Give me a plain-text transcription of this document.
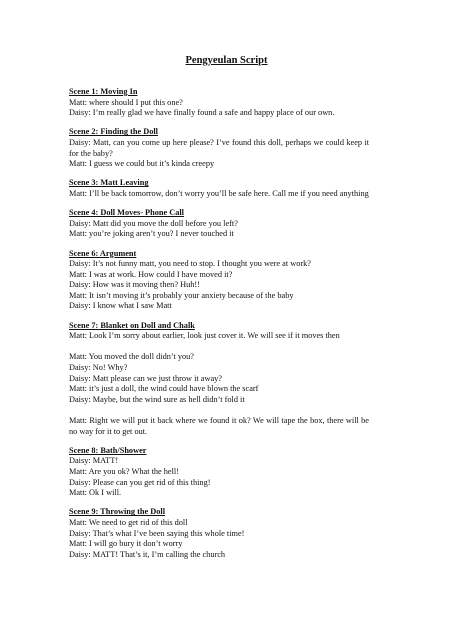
Pengyeulan Script
Scene 1: Moving In
Matt: where should I put this one?
Daisy: I’m really glad we have finally found a safe and happy place of our own.
Scene 2: Finding the Doll
Daisy: Matt, can you come up here please? I’ve found this doll, perhaps we could keep it for the baby?
Matt: I guess we could but it’s kinda creepy
Scene 3: Matt Leaving
Matt: I’ll be back tomorrow, don’t worry you’ll be safe here. Call me if you need anything
Scene 4: Doll Moves- Phone Call
Daisy: Matt did you move the doll before you left?
Matt: you’re joking aren’t you? I never touched it
Scene 6: Argument
Daisy: It’s not funny matt, you need to stop. I thought you were at work?
Matt: I was at work. How could I have moved it?
Daisy: How was it moving then? Huh!!
Matt: It isn’t moving it’s probably your anxiety because of the baby
Daisy: I know what I saw Matt
Scene 7: Blanket on Doll and Chalk
Matt: Look I’m sorry about earlier, look just cover it. We will see if it moves then
Matt: You moved the doll didn’t you?
Daisy: No! Why?
Daisy: Matt please can we just throw it away?
Matt: it’s just a doll, the wind could have blown the scarf
Daisy: Maybe, but the wind sure as hell didn’t fold it
Matt: Right we will put it back where we found it ok? We will tape the box, there will be no way for it to get out.
Scene 8: Bath/Shower
Daisy: MATT!
Matt: Are you ok? What the hell!
Daisy: Please can you get rid of this thing!
Matt: Ok I will.
Scene 9: Throwing the Doll
Matt: We need to get rid of this doll
Daisy: That’s what I’ve been saying this whole time!
Matt: I will go bury it don’t worry
Daisy: MATT! That’s it, I’m calling the church
